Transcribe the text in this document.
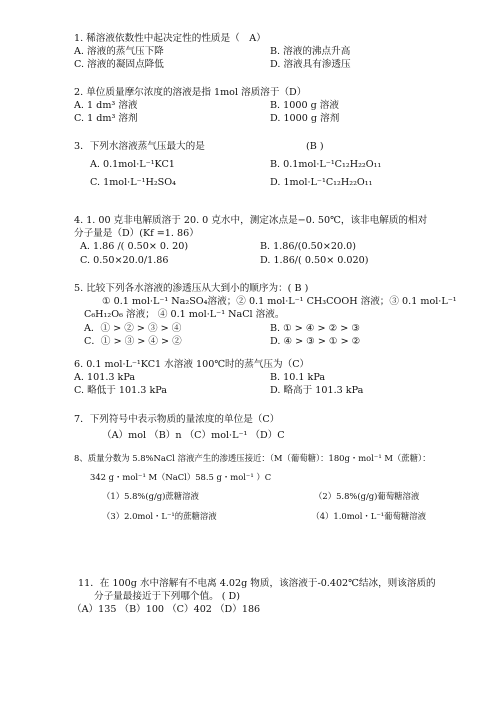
1. 稀溶液依数性中起决定性的性质是（　A）
A. 溶液的蒸气压下降	B. 溶液的沸点升高
C. 溶液的凝固点降低	D. 溶液具有渗透压
2. 单位质量摩尔浓度的溶液是指 1mol 溶质溶于（D）
A. 1 dm³ 溶液	B. 1000 g 溶液
C. 1 dm³ 溶剂	D. 1000 g 溶剂
3．下列水溶液蒸气压最大的是	(B )
A. 0.1mol·L⁻¹KC1	B. 0.1mol·L⁻¹C₁₂H₂₂O₁₁
C. 1mol·L⁻¹H₂SO₄	D. 1mol·L⁻¹C₁₂H₂₂O₁₁
4. 1. 00 克非电解质溶于 20. 0 克水中，测定冰点是−0. 50℃，该非电解质的相对
分子量是（D）(Kf =1. 86）
A. 1.86 /( 0.50× 0. 20)	B. 1.86/(0.50×20.0)
C. 0.50×20.0/1.86	D. 1.86/( 0.50× 0.020)
5. 比较下列各水溶液的渗透压从大到小的顺序为：( B )
① 0.1 mol·L⁻¹ Na₂SO₄溶液；② 0.1 mol·L⁻¹ CH₃COOH 溶液；③ 0.1 mol·L⁻¹
C₆H₁₂O₆ 溶液； ④ 0.1 mol·L⁻¹ NaCl 溶液。
A．① > ② > ③ > ④	B. ① > ④ > ② > ③
C．① > ③ > ④ > ②	D. ④ > ③ > ① > ②
6. 0.1 mol·L⁻¹KC1 水溶液 100℃时的蒸气压为（C）
A. 101.3 kPa	B. 10.1 kPa
C. 略低于 101.3 kPa	D. 略高于 101.3 kPa
7．下列符号中表示物质的量浓度的单位是（C）
（A）mol （B）n （C）mol·L⁻¹ （D）C
8、质量分数为 5.8%NaCl 溶液产生的渗透压接近：（M（葡萄糖）：180g・mol⁻¹ M（蔗糖）：
342 g・mol⁻¹ M（NaCl）58.5 g・mol⁻¹ ）C
（1）5.8%(g/g)蔗糖溶液	（2）5.8%(g/g)葡萄糖溶液
（3）2.0mol・L⁻¹的蔗糖溶液	（4）1.0mol・L⁻¹葡萄糖溶液
11．在 100g 水中溶解有不电离 4.02g 物质，该溶液于-0.402℃结冰，则该溶质的
分子量最接近于下列哪个值。 ( D)
（A）135 （B）100 （C）402 （D）186
